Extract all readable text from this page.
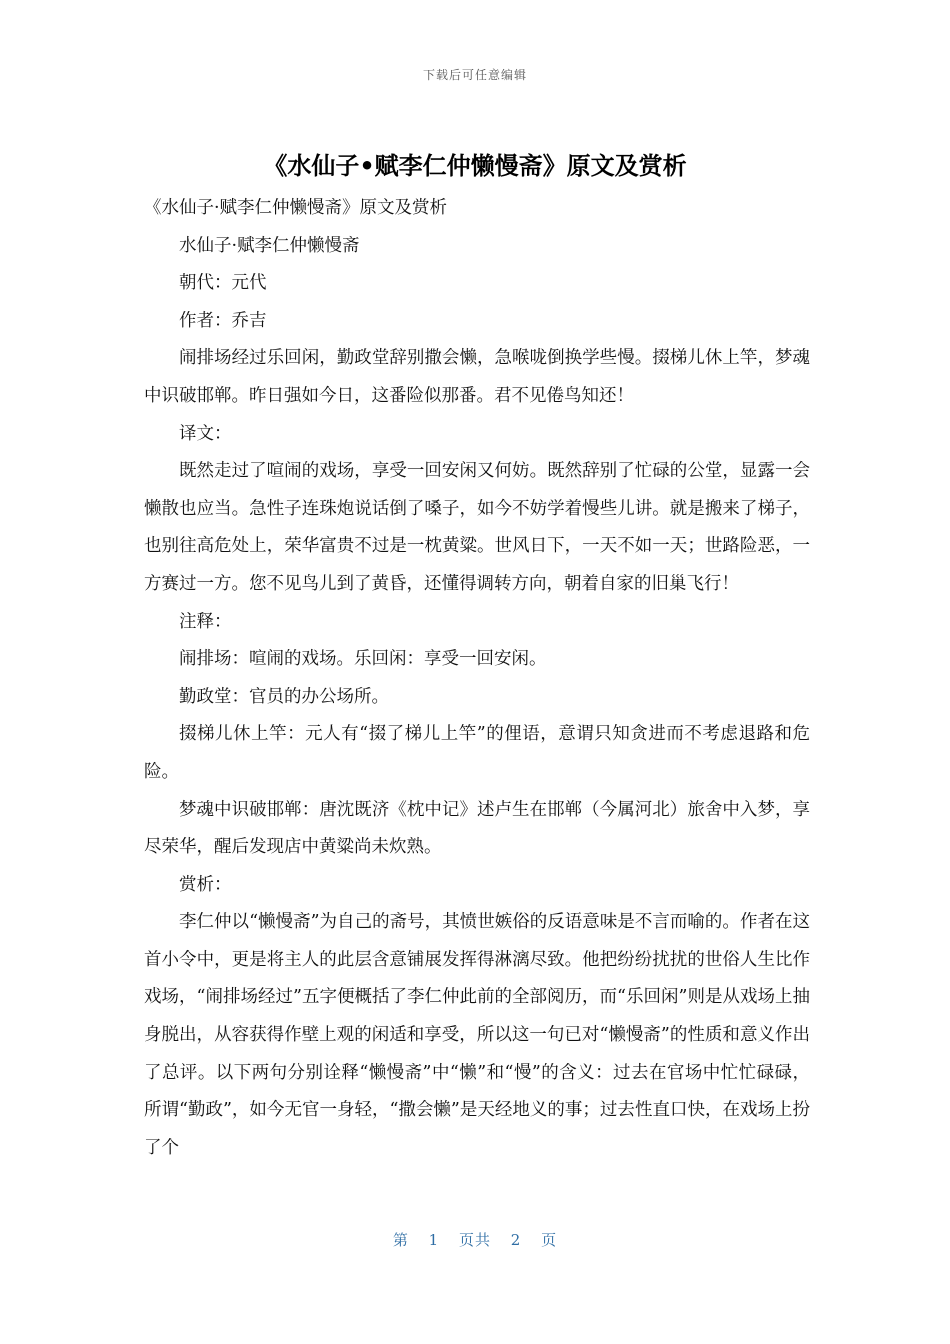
下载后可任意编辑
《水仙子•赋李仁仲懒慢斋》原文及赏析

《水仙子·赋李仁仲懒慢斋》原文及赏析

水仙子·赋李仁仲懒慢斋

朝代：元代

作者：乔吉

闹排场经过乐回闲，勤政堂辞别撒会懒，急喉咙倒换学些慢。掇梯儿休上竿，梦魂中识破邯郸。昨日强如今日，这番险似那番。君不见倦鸟知还！

译文：

既然走过了喧闹的戏场，享受一回安闲又何妨。既然辞别了忙碌的公堂，显露一会懒散也应当。急性子连珠炮说话倒了嗓子，如今不妨学着慢些儿讲。就是搬来了梯子，也别往高危处上，荣华富贵不过是一枕黄粱。世风日下，一天不如一天；世路险恶，一方赛过一方。您不见鸟儿到了黄昏，还懂得调转方向，朝着自家的旧巢飞行！

注释：

闹排场：喧闹的戏场。乐回闲：享受一回安闲。

勤政堂：官员的办公场所。

掇梯儿休上竿：元人有“掇了梯儿上竿”的俚语，意谓只知贪进而不考虑退路和危险。

梦魂中识破邯郸：唐沈既济《枕中记》述卢生在邯郸（今属河北）旅舍中入梦，享尽荣华，醒后发现店中黄粱尚未炊熟。

赏析：

李仁仲以“懒慢斋”为自己的斋号，其愤世嫉俗的反语意味是不言而喻的。作者在这首小令中，更是将主人的此层含意铺展发挥得淋漓尽致。他把纷纷扰扰的世俗人生比作戏场，“闹排场经过”五字便概括了李仁仲此前的全部阅历，而“乐回闲”则是从戏场上抽身脱出，从容获得作壁上观的闲适和享受，所以这一句已对“懒慢斋”的性质和意义作出了总评。以下两句分别诠释“懒慢斋”中“懒”和“慢”的含义：过去在官场中忙忙碌碌，所谓“勤政”，如今无官一身轻，“撒会懒”是天经地义的事；过去性直口快，在戏场上扮了个

第 1 页共 2 页
